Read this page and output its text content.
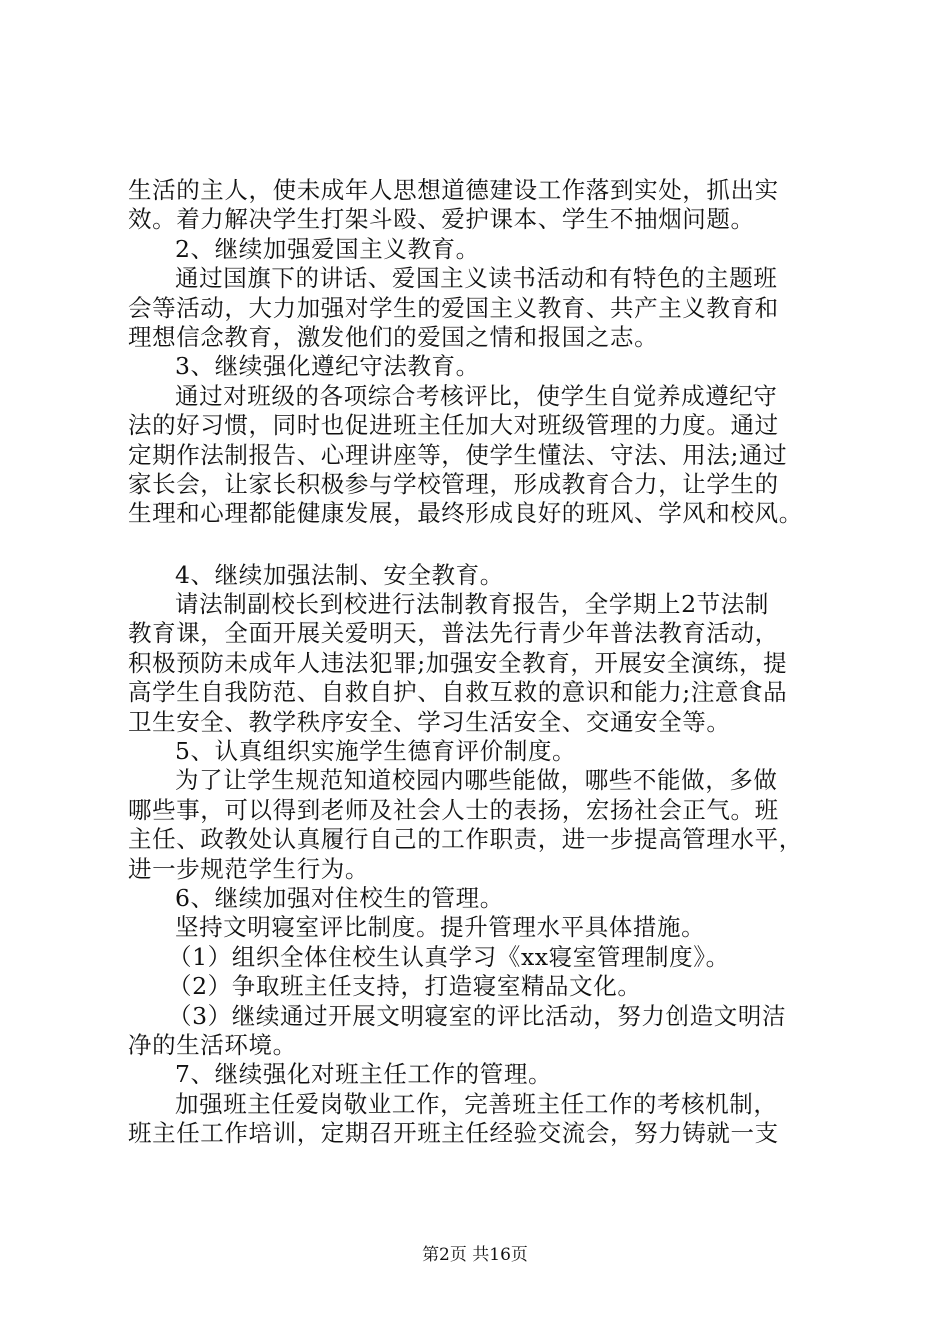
生活的主人，使未成年人思想道德建设工作落到实处，抓出实
效。着力解决学生打架斗殴、爱护课本、学生不抽烟问题。
2、继续加强爱国主义教育。
通过国旗下的讲话、爱国主义读书活动和有特色的主题班
会等活动，大力加强对学生的爱国主义教育、共产主义教育和
理想信念教育，激发他们的爱国之情和报国之志。
3、继续强化遵纪守法教育。
通过对班级的各项综合考核评比，使学生自觉养成遵纪守
法的好习惯，同时也促进班主任加大对班级管理的力度。通过
定期作法制报告、心理讲座等，使学生懂法、守法、用法;通过
家长会，让家长积极参与学校管理，形成教育合力，让学生的
生理和心理都能健康发展，最终形成良好的班风、学风和校风。
4、继续加强法制、安全教育。
请法制副校长到校进行法制教育报告，全学期上2节法制
教育课，全面开展关爱明天，普法先行青少年普法教育活动，
积极预防未成年人违法犯罪;加强安全教育，开展安全演练，提
高学生自我防范、自救自护、自救互救的意识和能力;注意食品
卫生安全、教学秩序安全、学习生活安全、交通安全等。
5、认真组织实施学生德育评价制度。
为了让学生规范知道校园内哪些能做，哪些不能做，多做
哪些事，可以得到老师及社会人士的表扬，宏扬社会正气。班
主任、政教处认真履行自己的工作职责，进一步提高管理水平，
进一步规范学生行为。
6、继续加强对住校生的管理。
坚持文明寝室评比制度。提升管理水平具体措施。
（1）组织全体住校生认真学习《xx寝室管理制度》。
（2）争取班主任支持，打造寝室精品文化。
（3）继续通过开展文明寝室的评比活动，努力创造文明洁
净的生活环境。
7、继续强化对班主任工作的管理。
加强班主任爱岗敬业工作，完善班主任工作的考核机制，
班主任工作培训，定期召开班主任经验交流会，努力铸就一支
第2页 共16页
